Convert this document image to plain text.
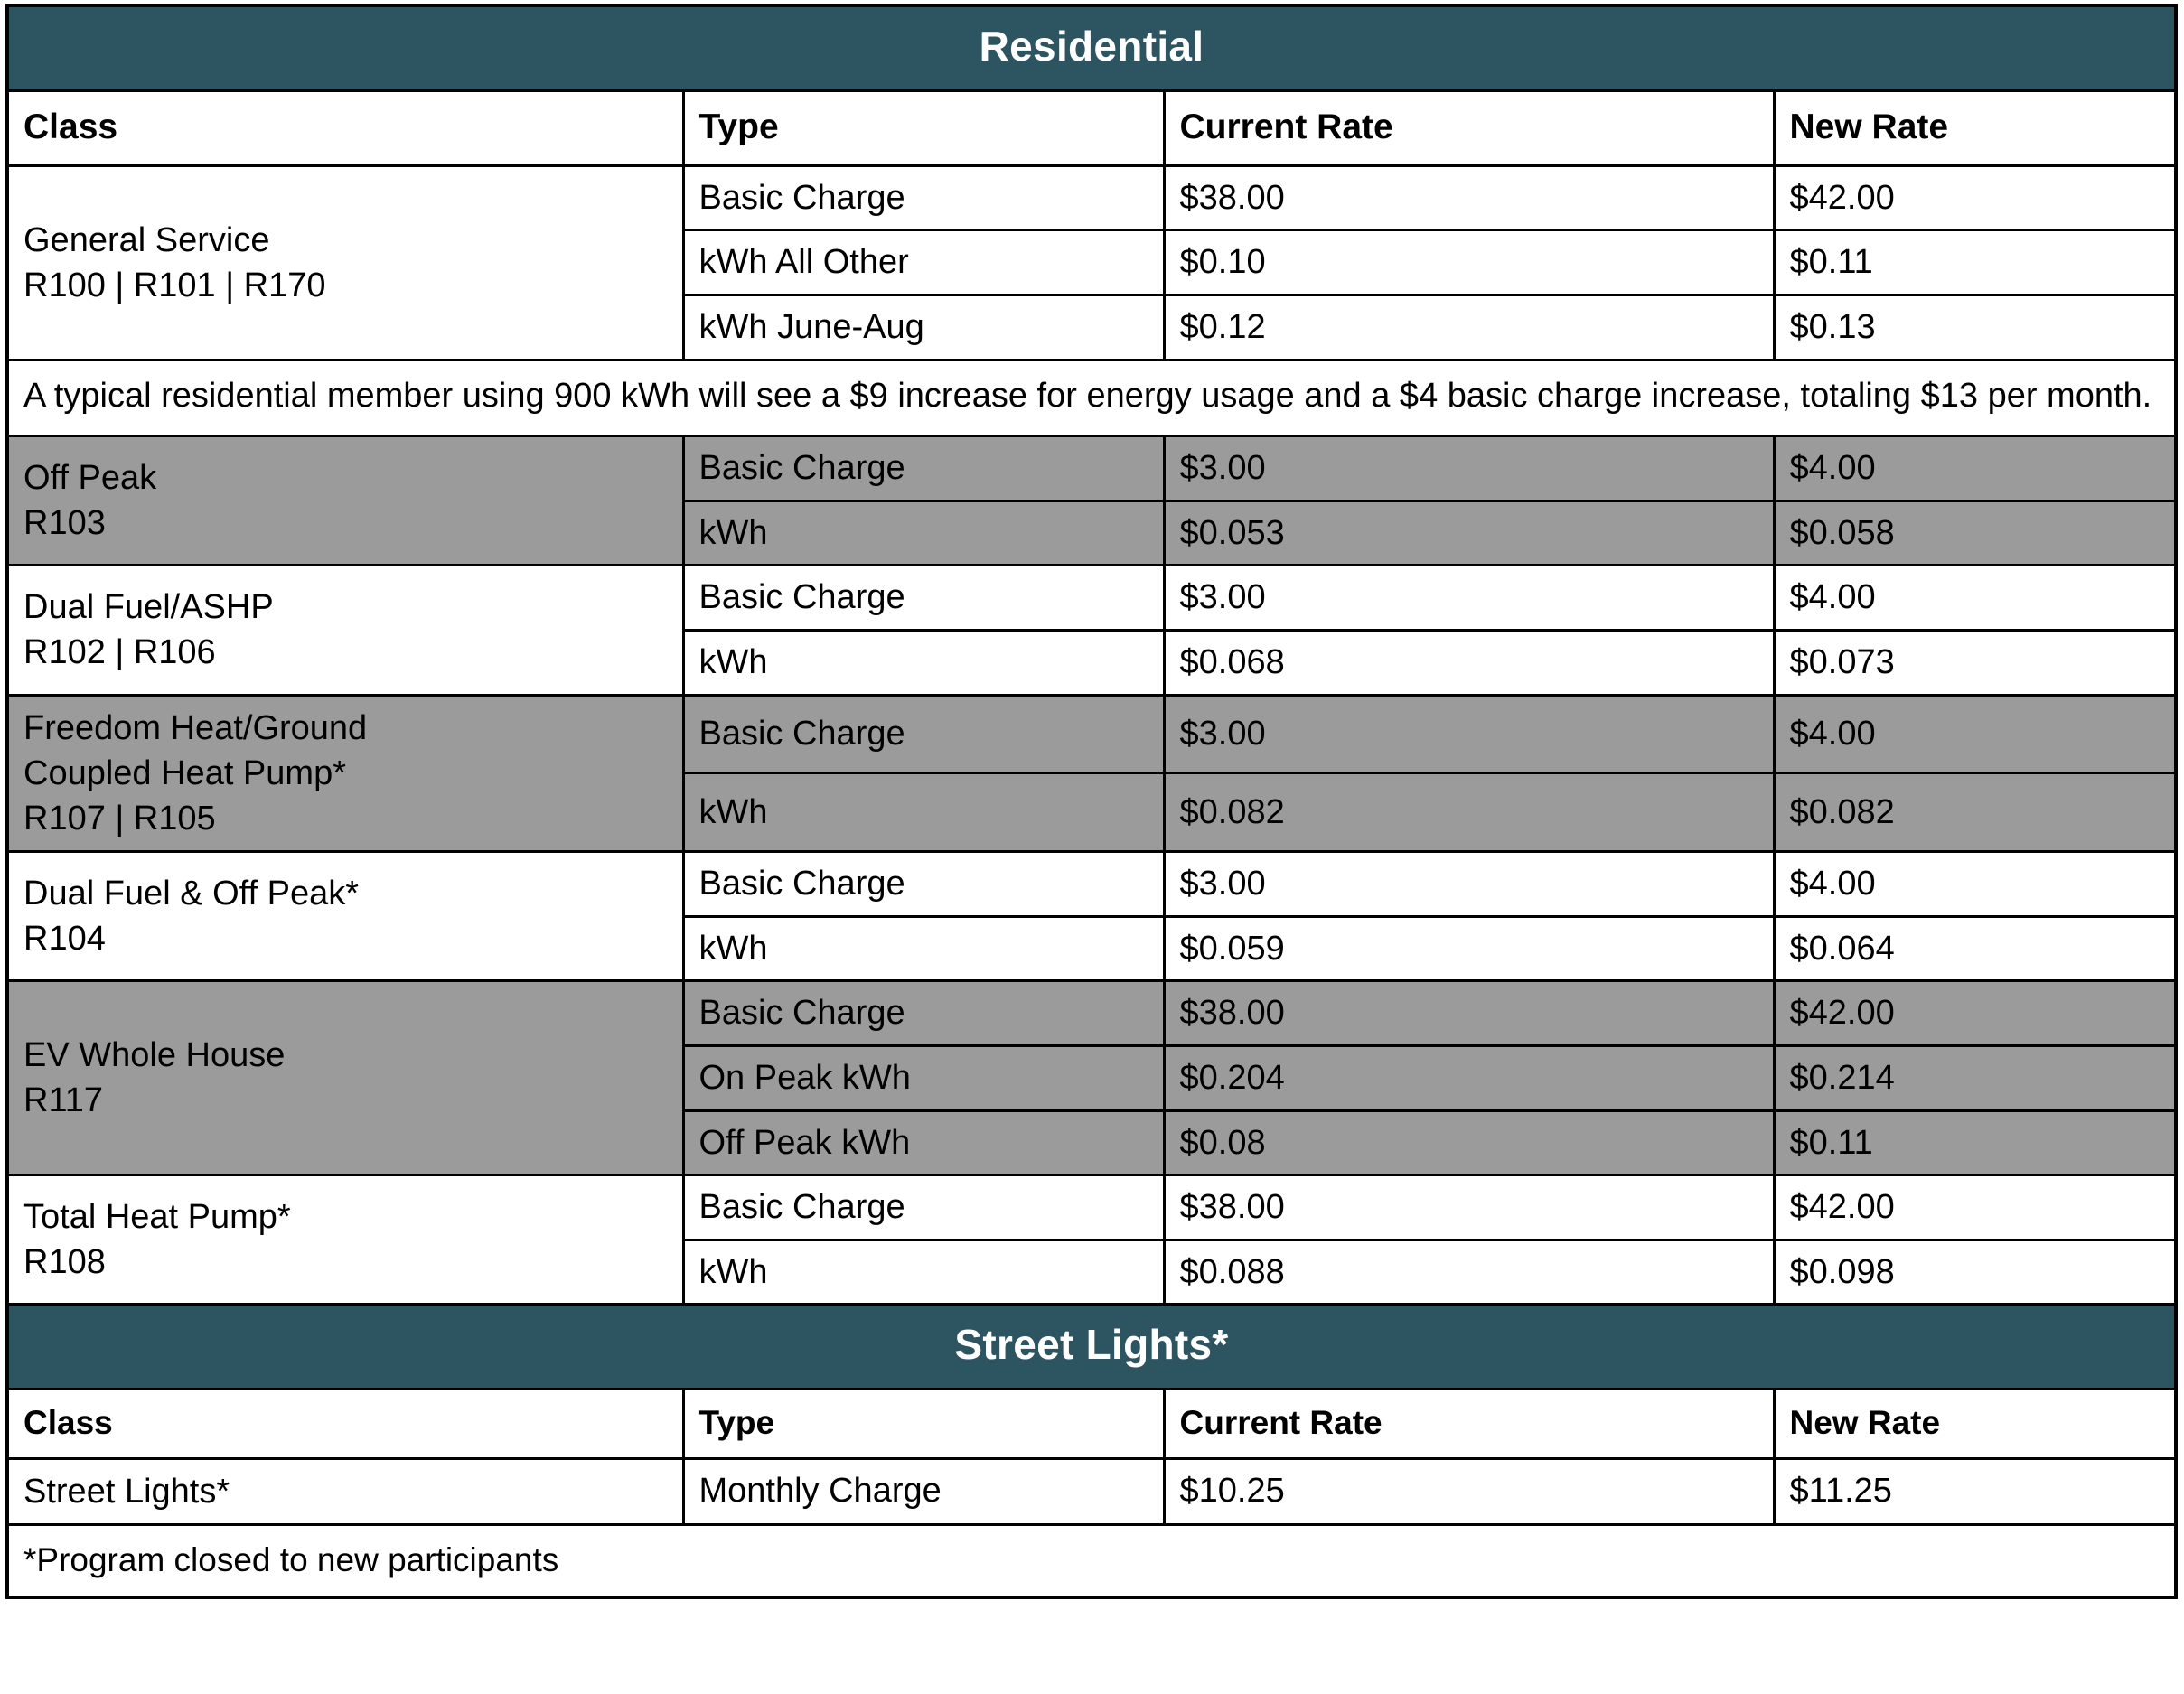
Residential			
Class	Type	Current Rate	New Rate

General Service
R100 | R101 | R170	Basic Charge	$38.00	$42.00
	kWh All Other	$0.10	$0.11
	kWh June-Aug	$0.12	$0.13
A typical residential member using 900 kWh will see a $9 increase for energy usage and a $4 basic charge increase, totaling $13 per month.			

Off Peak
R103	Basic Charge	$3.00	$4.00
	kWh	$0.053	$0.058

Dual Fuel/ASHP
R102 | R106	Basic Charge	$3.00	$4.00
	kWh	$0.068	$0.073

Freedom Heat/Ground
Coupled Heat Pump*
R107 | R105	Basic Charge	$3.00	$4.00
	kWh	$0.082	$0.082

Dual Fuel & Off Peak*
R104	Basic Charge	$3.00	$4.00
	kWh	$0.059	$0.064

EV Whole House
R117	Basic Charge	$38.00	$42.00
	On Peak kWh	$0.204	$0.214
	Off Peak kWh	$0.08	$0.11

Total Heat Pump*
R108	Basic Charge	$38.00	$42.00
	kWh	$0.088	$0.098
Street Lights*			
Class	Type	Current Rate	New Rate
Street Lights*	Monthly Charge	$10.25	$11.25
*Program closed to new participants			
